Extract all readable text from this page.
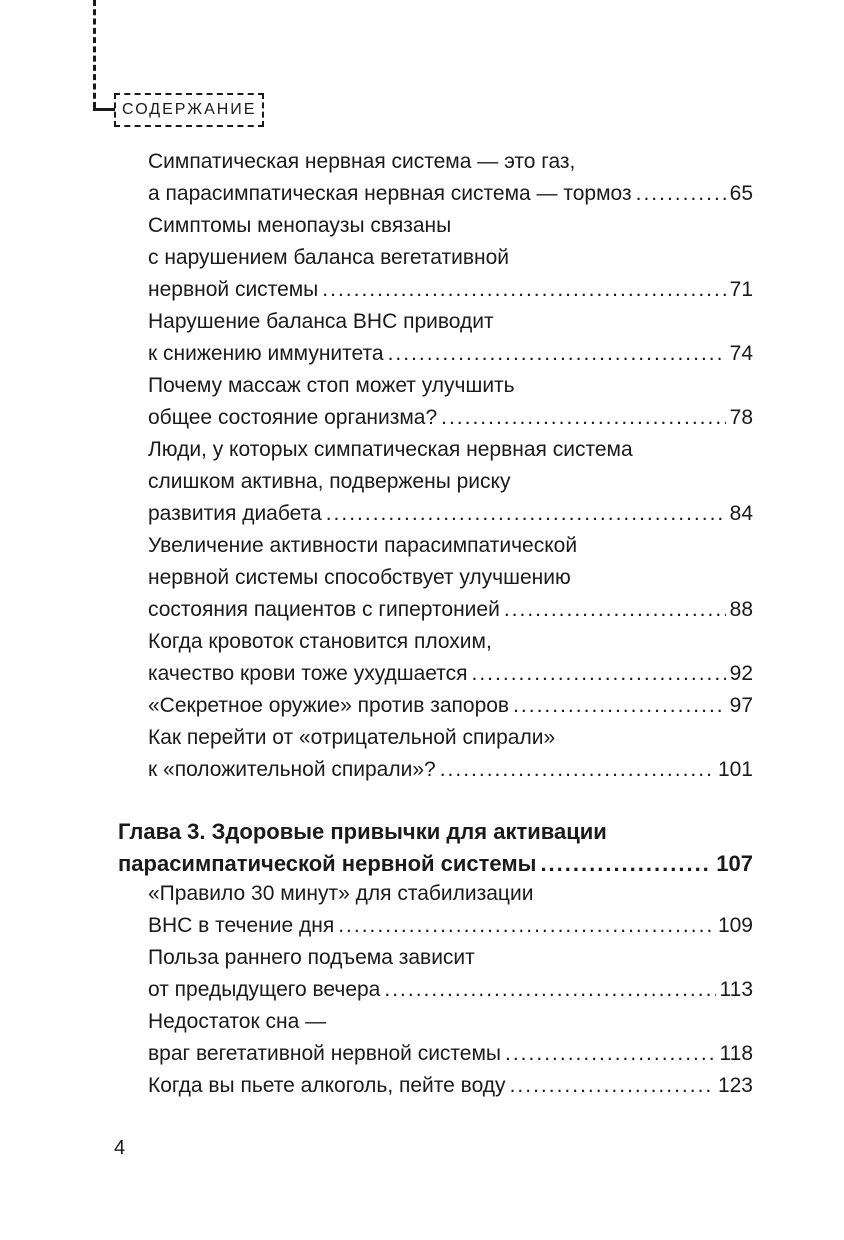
СОДЕРЖАНИЕ
Симпатическая нервная система — это газ,
а парасимпатическая нервная система — тормоз .....	65
Симптомы менопаузы связаны
с нарушением баланса вегетативной
нервной системы .....	71
Нарушение баланса ВНС приводит
к снижению иммунитета .....	74
Почему массаж стоп может улучшить
общее состояние организма? .....	78
Люди, у которых симпатическая нервная система
слишком активна, подвержены риску
развития диабета .....	84
Увеличение активности парасимпатической
нервной системы способствует улучшению
состояния пациентов с гипертонией .....	88
Когда кровоток становится плохим,
качество крови тоже ухудшается .....	92
«Секретное оружие» против запоров .....	97
Как перейти от «отрицательной спирали»
к «положительной спирали»? .....	101
Глава 3. Здоровые привычки для активации
парасимпатической нервной системы .....	107
«Правило 30 минут» для стабилизации
ВНС в течение дня .....	109
Польза раннего подъема зависит
от предыдущего вечера .....	113
Недостаток сна —
враг вегетативной нервной системы .....	118
Когда вы пьете алкоголь, пейте воду .....	123
4
